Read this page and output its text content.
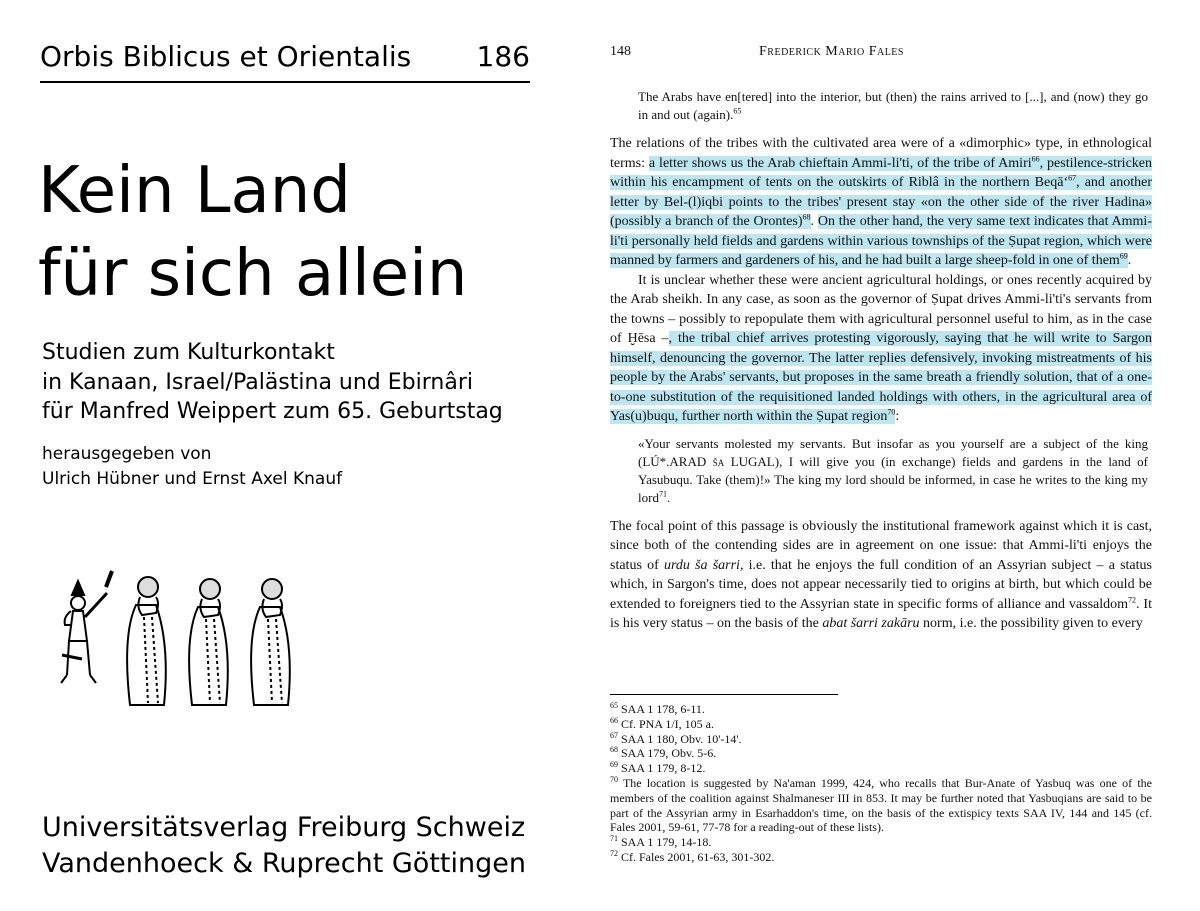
Orbis Biblicus et Orientalis 186
Kein Land
für sich allein
Studien zum Kulturkontakt
in Kanaan, Israel/Palästina und Ebirnâri
für Manfred Weippert zum 65. Geburtstag
herausgegeben von
Ulrich Hübner und Ernst Axel Knauf
Universitätsverlag Freiburg Schweiz
Vandenhoeck & Ruprecht Göttingen
148	Frederick Mario Fales

The Arabs have en[tered] into the interior, but (then) the rains arrived to [...], and (now) they go in and out (again).$^{65}$

The relations of the tribes with the cultivated area were of a «dimorphic» type, in ethnological terms: a letter shows us the Arab chieftain Ammi-li'ti, of the tribe of Amiri$^{66}$, pestilence-stricken within his encampment of tents on the outskirts of Riblâ in the northern Beqā‘$^{67}$, and another letter by Bel-(l)iqbi points to the tribes' present stay «on the other side of the river Hadina» (possibly a branch of the Orontes)$^{68}$. On the other hand, the very same text indicates that Ammi-li'ti personally held fields and gardens within various townships of the Ṣupat region, which were manned by farmers and gardeners of his, and he had built a large sheep-fold in one of them$^{69}$.

It is unclear whether these were ancient agricultural holdings, or ones recently acquired by the Arab sheikh. In any case, as soon as the governor of Ṣupat drives Ammi-li'ti's servants from the towns – possibly to repopulate them with agricultural personnel useful to him, as in the case of Ḫēsa –, the tribal chief arrives protesting vigorously, saying that he will write to Sargon himself, denouncing the governor. The latter replies defensively, invoking mistreatments of his people by the Arabs' servants, but proposes in the same breath a friendly solution, that of a one-to-one substitution of the requisitioned landed holdings with others, in the agricultural area of Yas(u)buqu, further north within the Ṣupat region$^{70}$:

«Your servants molested my servants. But insofar as you yourself are a subject of the king (LÚ*.ARAD ša LUGAL), I will give you (in exchange) fields and gardens in the land of Yasubuqu. Take (them)!» The king my lord should be informed, in case he writes to the king my lord$^{71}$.

The focal point of this passage is obviously the institutional framework against which it is cast, since both of the contending sides are in agreement on one issue: that Ammi-li'ti enjoys the status of urdu ša šarri, i.e. that he enjoys the full condition of an Assyrian subject – a status which, in Sargon's time, does not appear necessarily tied to origins at birth, but which could be extended to foreigners tied to the Assyrian state in specific forms of alliance and vassaldom$^{72}$. It is his very status – on the basis of the abat šarri zakāru norm, i.e. the possibility given to every

$^{65}$ SAA 1 178, 6-11.
$^{66}$ Cf. PNA 1/I, 105 a.
$^{67}$ SAA 1 180, Obv. 10'-14'.
$^{68}$ SAA 179, Obv. 5-6.
$^{69}$ SAA 1 179, 8-12.
$^{70}$ The location is suggested by Na'aman 1999, 424, who recalls that Bur-Anate of Yasbuq was one of the members of the coalition against Shalmaneser III in 853. It may be further noted that Yasbuqians are said to be part of the Assyrian army in Esarhaddon's time, on the basis of the extispicy texts SAA IV, 144 and 145 (cf. Fales 2001, 59-61, 77-78 for a reading-out of these lists).
$^{71}$ SAA 1 179, 14-18.
$^{72}$ Cf. Fales 2001, 61-63, 301-302.
